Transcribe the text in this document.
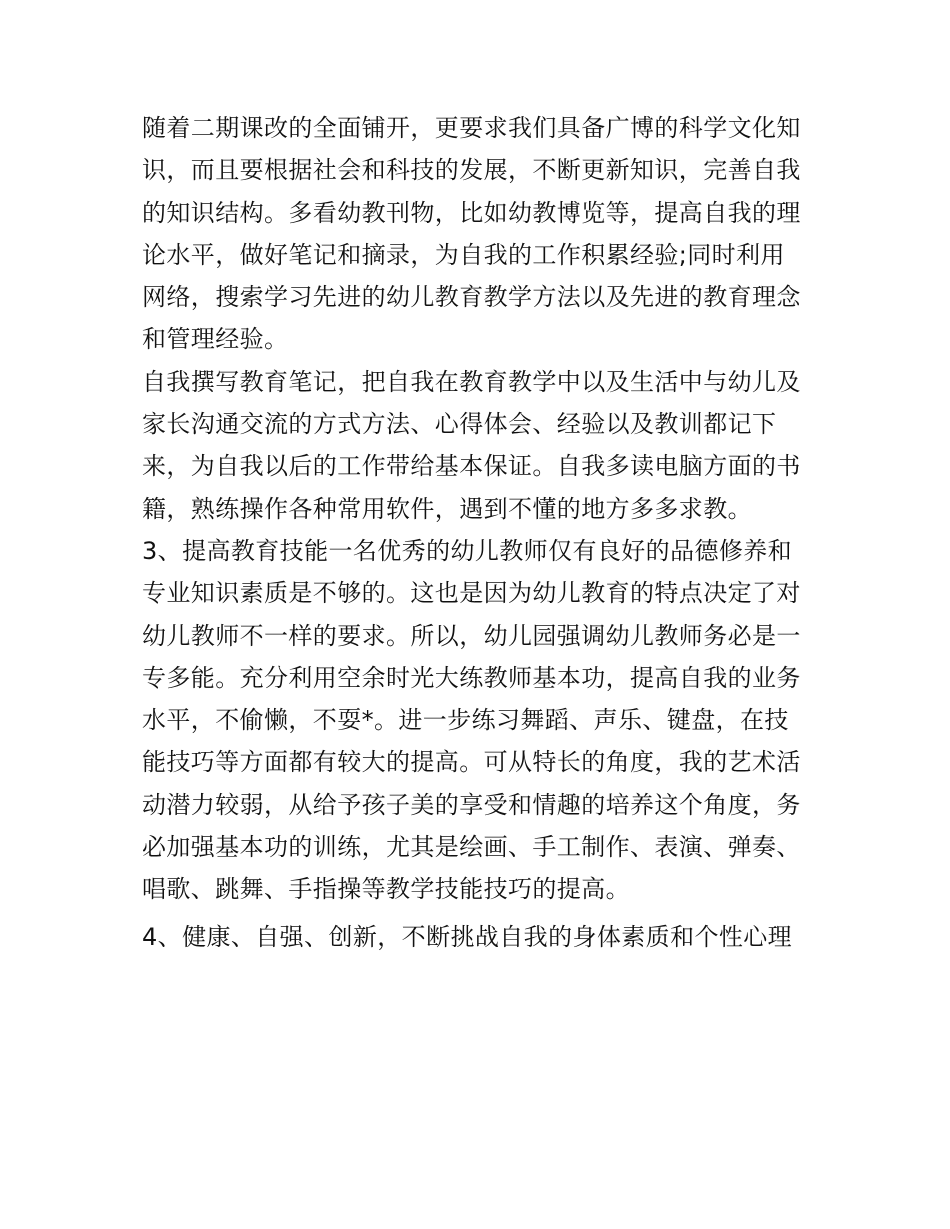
随着二期课改的全面铺开，更要求我们具备广博的科学文化知
识，而且要根据社会和科技的发展，不断更新知识，完善自我
的知识结构。多看幼教刊物，比如幼教博览等，提高自我的理
论水平，做好笔记和摘录，为自我的工作积累经验;同时利用
网络，搜索学习先进的幼儿教育教学方法以及先进的教育理念
和管理经验。
自我撰写教育笔记，把自我在教育教学中以及生活中与幼儿及
家长沟通交流的方式方法、心得体会、经验以及教训都记下
来，为自我以后的工作带给基本保证。自我多读电脑方面的书
籍，熟练操作各种常用软件，遇到不懂的地方多多求教。
3、提高教育技能一名优秀的幼儿教师仅有良好的品德修养和
专业知识素质是不够的。这也是因为幼儿教育的特点决定了对
幼儿教师不一样的要求。所以，幼儿园强调幼儿教师务必是一
专多能。充分利用空余时光大练教师基本功，提高自我的业务
水平，不偷懒，不耍*。进一步练习舞蹈、声乐、键盘，在技
能技巧等方面都有较大的提高。可从特长的角度，我的艺术活
动潜力较弱，从给予孩子美的享受和情趣的培养这个角度，务
必加强基本功的训练，尤其是绘画、手工制作、表演、弹奏、
唱歌、跳舞、手指操等教学技能技巧的提高。
4、健康、自强、创新，不断挑战自我的身体素质和个性心理
